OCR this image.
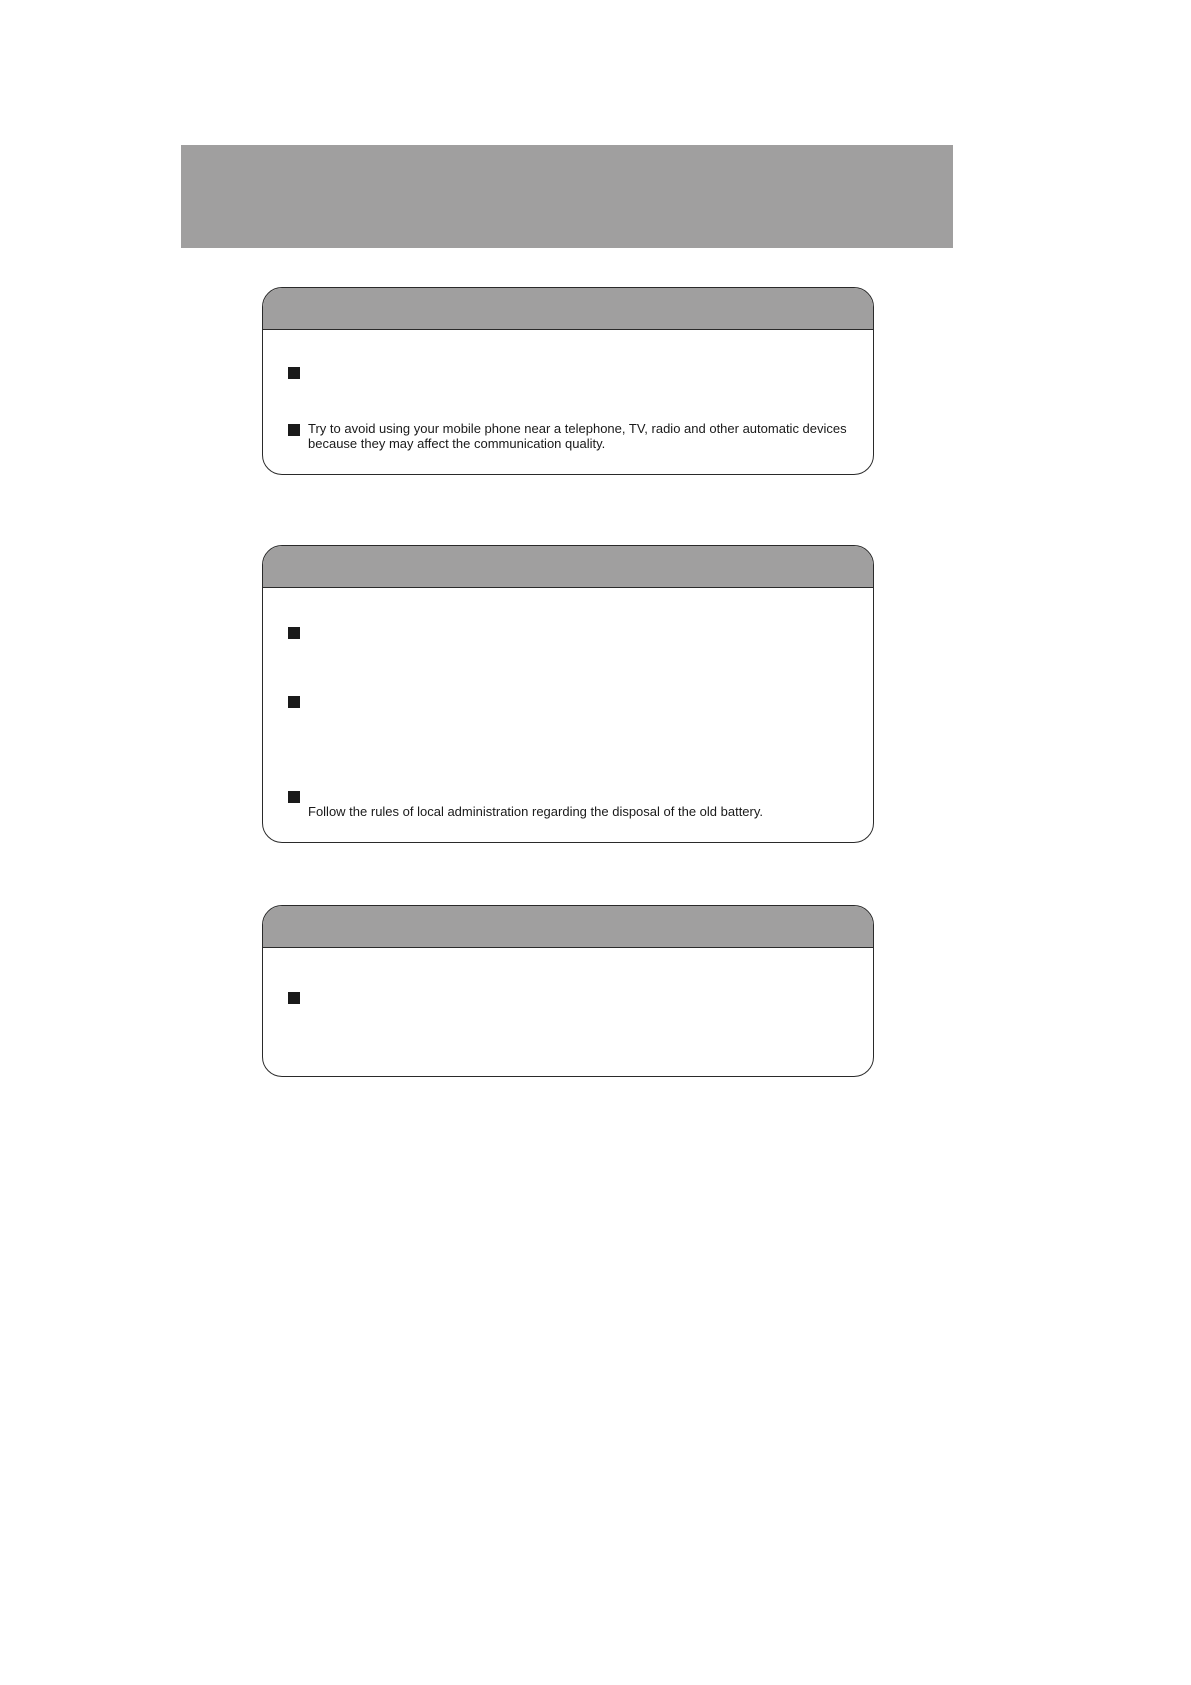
Try to avoid using your mobile phone near a telephone, TV, radio and other automatic devices because they may affect the communication quality.

Follow the rules of local administration regarding the disposal of the old battery.
